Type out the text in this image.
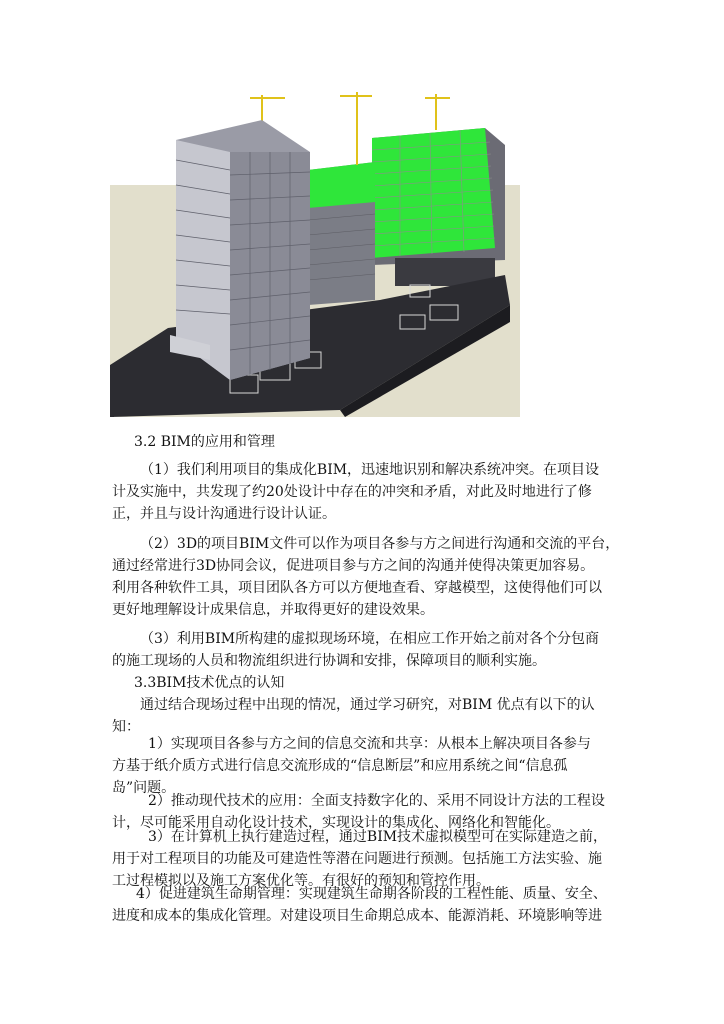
3.2 BIM的应用和管理

（1）我们利用项目的集成化BIM，迅速地识别和解决系统冲突。在项目设

计及实施中，共发现了约20处设计中存在的冲突和矛盾，对此及时地进行了修

正，并且与设计沟通进行设计认证。

（2）3D的项目BIM文件可以作为项目各参与方之间进行沟通和交流的平台，

通过经常进行3D协同会议，促进项目参与方之间的沟通并使得决策更加容易。

利用各种软件工具，项目团队各方可以方便地查看、穿越模型，这使得他们可以

更好地理解设计成果信息，并取得更好的建设效果。

（3）利用BIM所构建的虚拟现场环境，在相应工作开始之前对各个分包商

的施工现场的人员和物流组织进行协调和安排，保障项目的顺利实施。

3.3BIM技术优点的认知

通过结合现场过程中出现的情况，通过学习研究，对BIM 优点有以下的认

知：

1）实现项目各参与方之间的信息交流和共享：从根本上解决项目各参与

方基于纸介质方式进行信息交流形成的“信息断层”和应用系统之间“信息孤

岛”问题。

2）推动现代技术的应用：全面支持数字化的、采用不同设计方法的工程设

计，尽可能采用自动化设计技术，实现设计的集成化、网络化和智能化。

3）在计算机上执行建造过程，通过BIM技术虚拟模型可在实际建造之前，

用于对工程项目的功能及可建造性等潜在问题进行预测。包括施工方法实验、施

工过程模拟以及施工方案优化等。有很好的预知和管控作用。

4）促进建筑生命期管理：实现建筑生命期各阶段的工程性能、质量、安全、

进度和成本的集成化管理。对建设项目生命期总成本、能源消耗、环境影响等进
